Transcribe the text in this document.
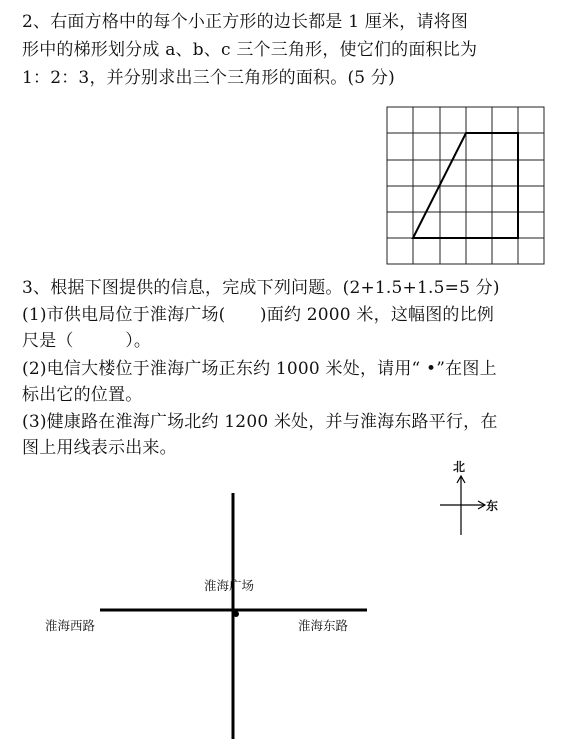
2、右面方格中的每个小正方形的边长都是 1 厘米，请将图
形中的梯形划分成 a、b、c 三个三角形，使它们的面积比为
1：2：3，并分别求出三个三角形的面积。(5 分)
3、根据下图提供的信息，完成下列问题。(2+1.5+1.5=5 分)
(1)市供电局位于淮海广场(　　)面约 2000 米，这幅图的比例
尺是（　　　）。
(2)电信大楼位于淮海广场正东约 1000 米处，请用“ •”在图上
标出它的位置。
(3)健康路在淮海广场北约 1200 米处，并与淮海东路平行，在
图上用线表示出来。
淮海广场
淮海西路	淮海东路
北
东
